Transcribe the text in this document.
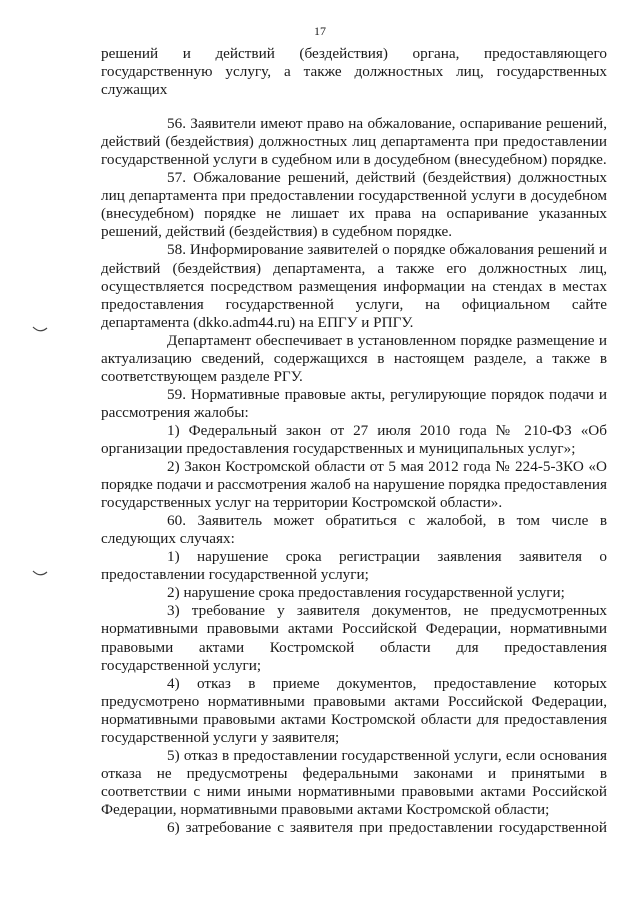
17

решений и действий (бездействия) органа, предоставляющего государственную услугу, а также должностных лиц, государственных служащих

56. Заявители имеют право на обжалование, оспаривание решений, действий (бездействия) должностных лиц департамента при предоставлении государственной услуги в судебном или в досудебном (внесудебном) порядке.

57. Обжалование решений, действий (бездействия) должностных лиц департамента при предоставлении государственной услуги в досудебном (внесудебном) порядке не лишает их права на оспаривание указанных решений, действий (бездействия) в судебном порядке.

58. Информирование заявителей о порядке обжалования решений и действий (бездействия) департамента, а также его должностных лиц, осуществляется посредством размещения информации на стендах в местах предоставления государственной услуги, на официальном сайте департамента (dkko.adm44.ru) на ЕПГУ и РПГУ.

Департамент обеспечивает в установленном порядке размещение и актуализацию сведений, содержащихся в настоящем разделе, а также в соответствующем разделе РГУ.

59. Нормативные правовые акты, регулирующие порядок подачи и рассмотрения жалобы:

1) Федеральный закон от 27 июля 2010 года № 210-ФЗ «Об организации предоставления государственных и муниципальных услуг»;

2) Закон Костромской области от 5 мая 2012 года № 224-5-ЗКО «О порядке подачи и рассмотрения жалоб на нарушение порядка предоставления государственных услуг на территории Костромской области».

60. Заявитель может обратиться с жалобой, в том числе в следующих случаях:

1) нарушение срока регистрации заявления заявителя о предоставлении государственной услуги;

2) нарушение срока предоставления государственной услуги;

3) требование у заявителя документов, не предусмотренных нормативными правовыми актами Российской Федерации, нормативными правовыми актами Костромской области для предоставления государственной услуги;

4) отказ в приеме документов, предоставление которых предусмотрено нормативными правовыми актами Российской Федерации, нормативными правовыми актами Костромской области для предоставления государственной услуги у заявителя;

5) отказ в предоставлении государственной услуги, если основания отказа не предусмотрены федеральными законами и принятыми в соответствии с ними иными нормативными правовыми актами Российской Федерации, нормативными правовыми актами Костромской области;

6) затребование с заявителя при предоставлении государственной
